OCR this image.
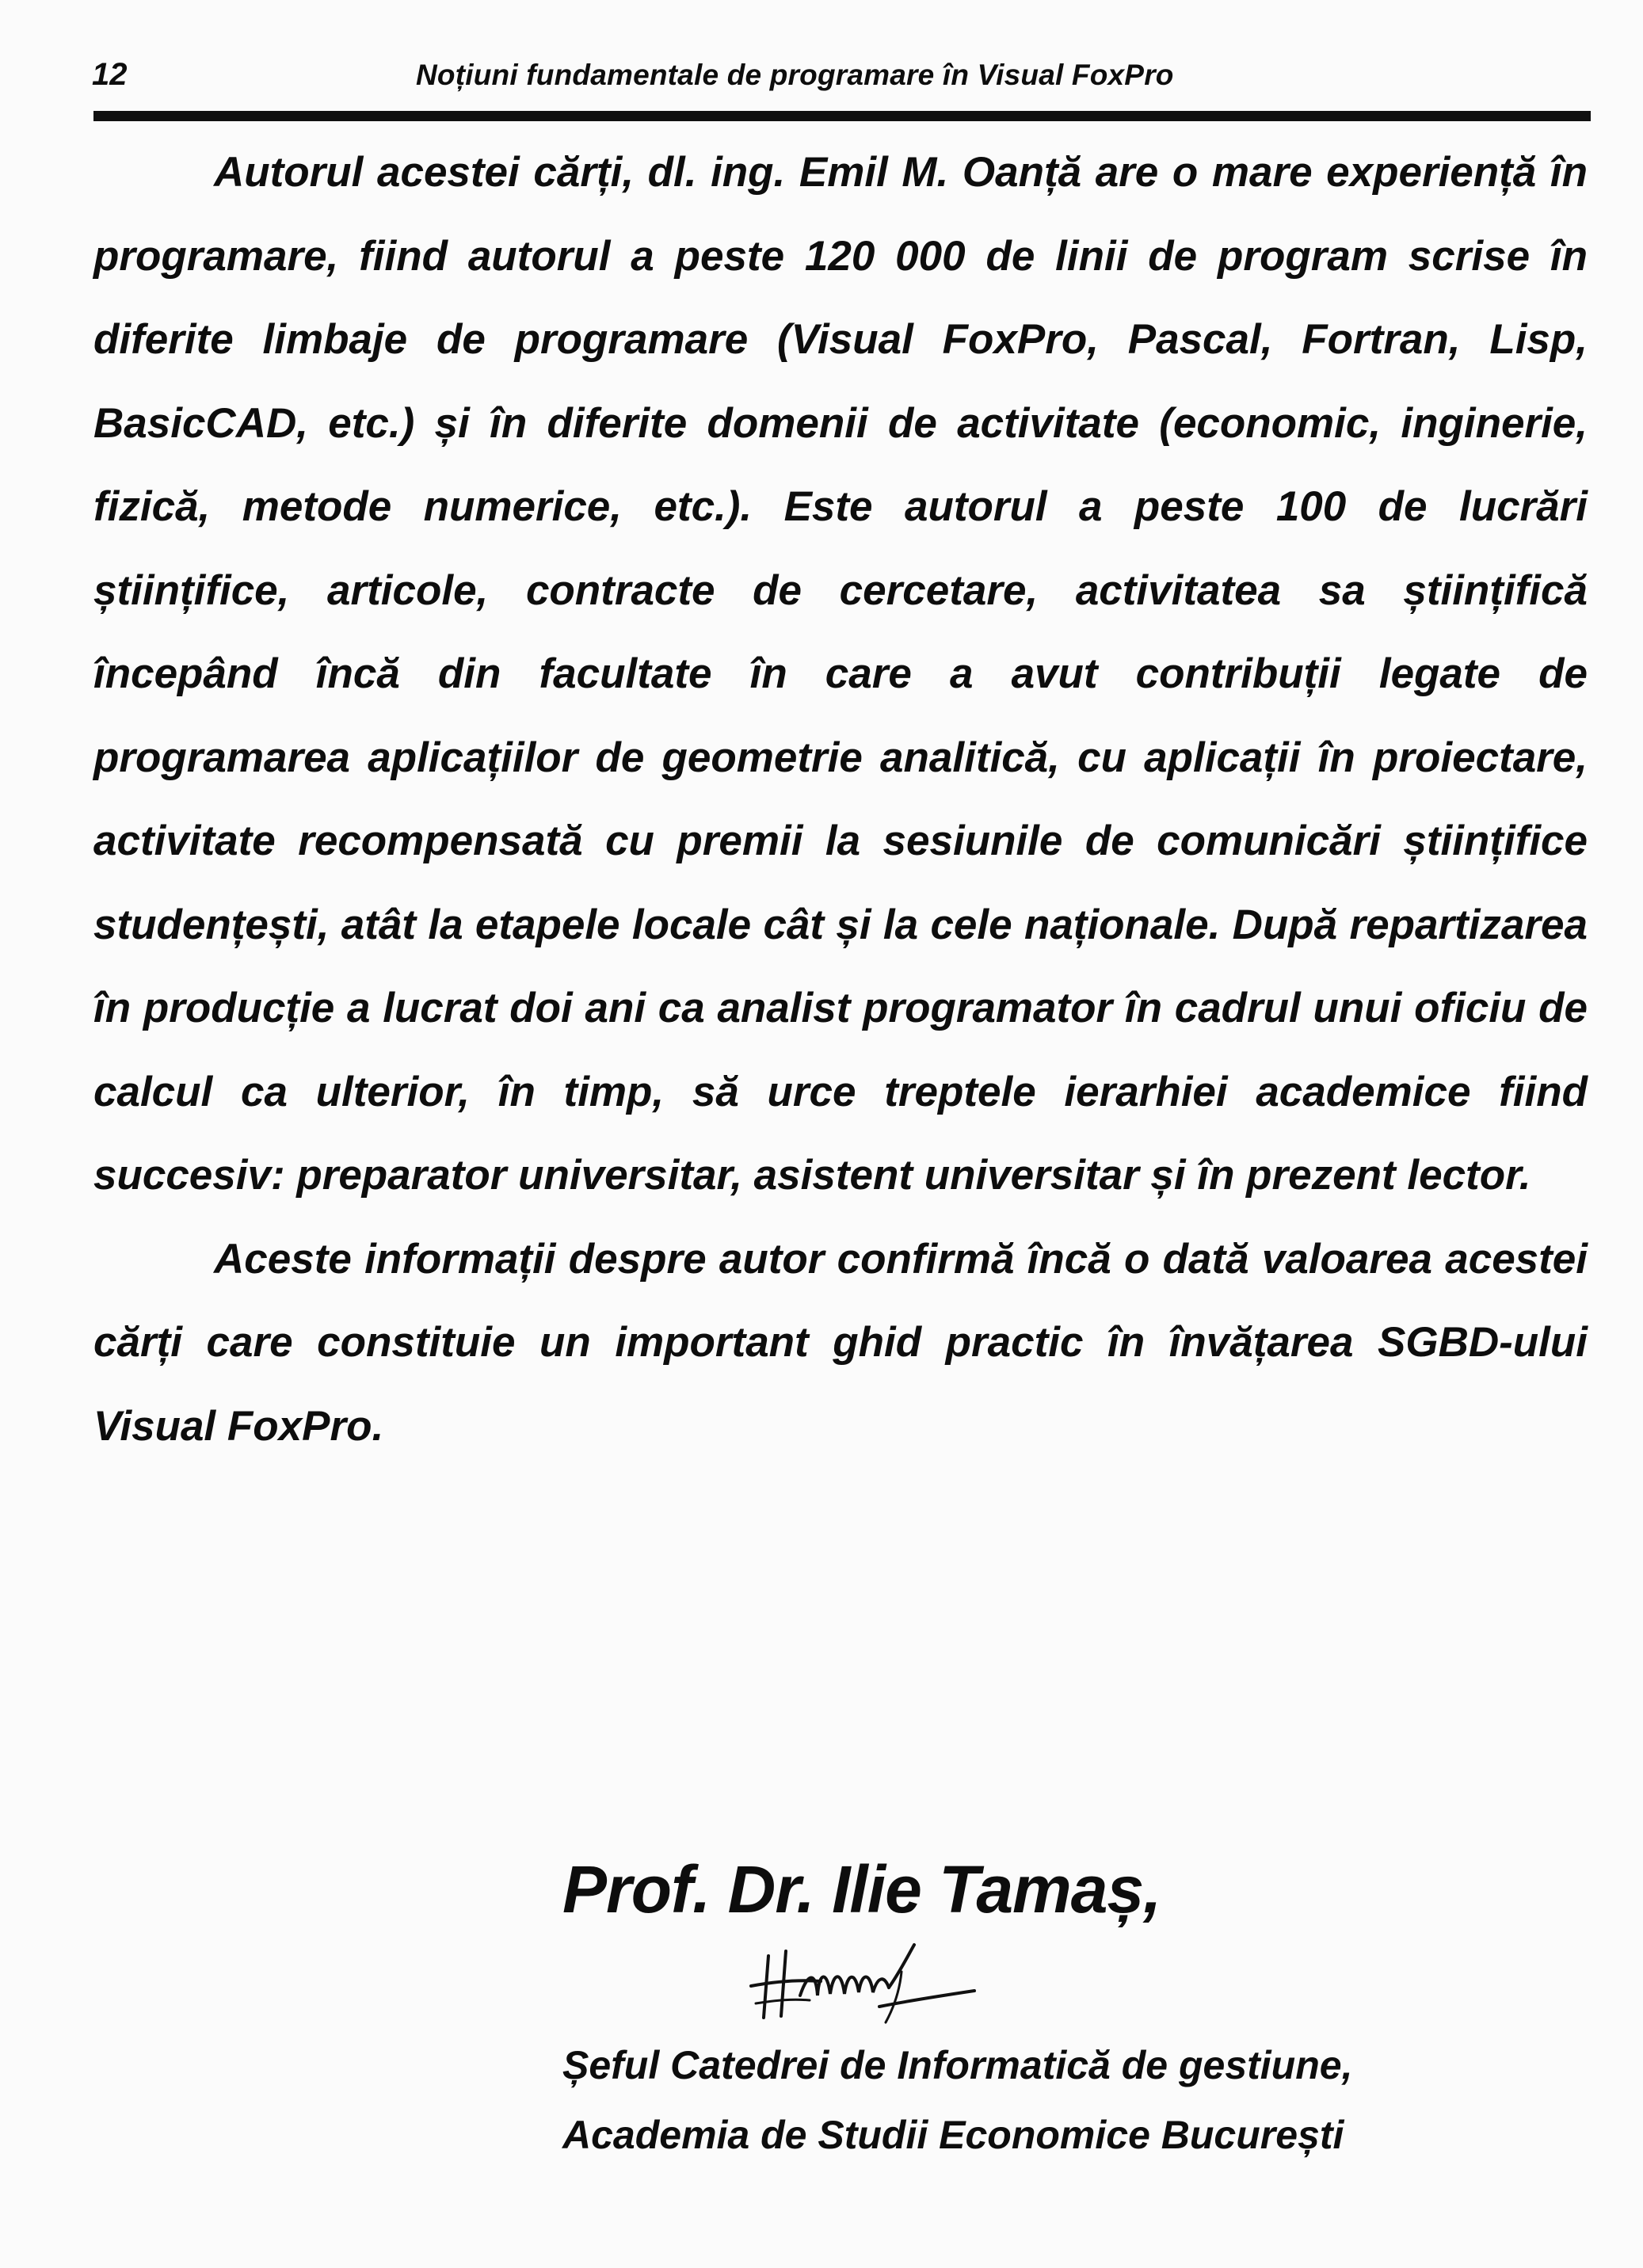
12	Noțiuni fundamentale de programare în Visual FoxPro

Autorul acestei cărți, dl. ing. Emil M. Oanță are o mare experiență în programare, fiind autorul a peste 120 000 de linii de program scrise în diferite limbaje de programare (Visual FoxPro, Pascal, Fortran, Lisp, BasicCAD, etc.) și în diferite domenii de activitate (economic, inginerie, fizică, metode numerice, etc.). Este autorul a peste 100 de lucrări științifice, articole, contracte de cercetare, activitatea sa științifică începând încă din facultate în care a avut contribuții legate de programarea aplicațiilor de geometrie analitică, cu aplicații în proiectare, activitate recompensată cu premii la sesiunile de comunicări științifice studențești, atât la etapele locale cât și la cele naționale. După repartizarea în producție a lucrat doi ani ca analist programator în cadrul unui oficiu de calcul ca ulterior, în timp, să urce treptele ierarhiei academice fiind succesiv: preparator universitar, asistent universitar și în prezent lector.

Aceste informații despre autor confirmă încă o dată valoarea acestei cărți care constituie un important ghid practic în învățarea SGBD-ului Visual FoxPro.

Prof. Dr. Ilie Tamaș,
Șeful Catedrei de Informatică de gestiune,
Academia de Studii Economice București
